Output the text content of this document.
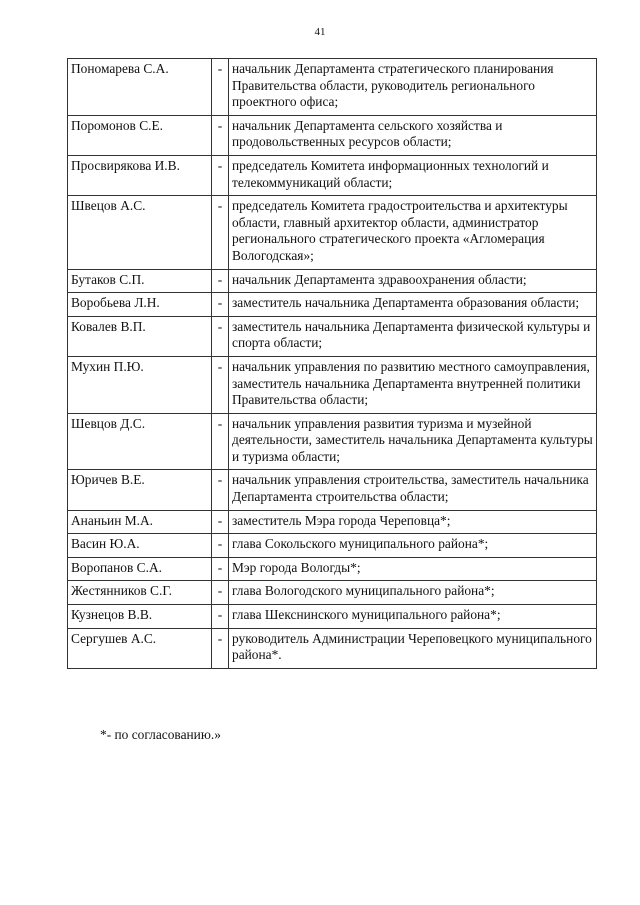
41
Пономарева С.А.	-	начальник Департамента стратегического планирования Правительства области, руководитель регионального проектного офиса;
Поромонов С.Е.	-	начальник Департамента сельского хозяйства и продовольственных ресурсов области;
Просвирякова И.В.	-	председатель Комитета информационных технологий и телекоммуникаций области;
Швецов А.С.	-	председатель Комитета градостроительства и архитектуры области, главный архитектор области, администратор регионального стратегического проекта «Агломерация Вологодская»;
Бутаков С.П.	-	начальник Департамента здравоохранения области;
Воробьева Л.Н.	-	заместитель начальника Департамента образования области;
Ковалев В.П.	-	заместитель начальника Департамента физической культуры и спорта области;
Мухин П.Ю.	-	начальник управления по развитию местного самоуправления, заместитель начальника Департамента внутренней политики Правительства области;
Шевцов Д.С.	-	начальник управления развития туризма и музейной деятельности, заместитель начальника Департамента культуры и туризма области;
Юричев В.Е.	-	начальник управления строительства, заместитель начальника Департамента строительства области;
Ананьин М.А.	-	заместитель Мэра города Череповца*;
Васин Ю.А.	-	глава Сокольского муниципального района*;
Воропанов С.А.	-	Мэр города Вологды*;
Жестянников С.Г.	-	глава Вологодского муниципального района*;
Кузнецов В.В.	-	глава Шекснинского муниципального района*;
Сергушев А.С.	-	руководитель Администрации Череповецкого муниципального района*.
*- по согласованию.»
